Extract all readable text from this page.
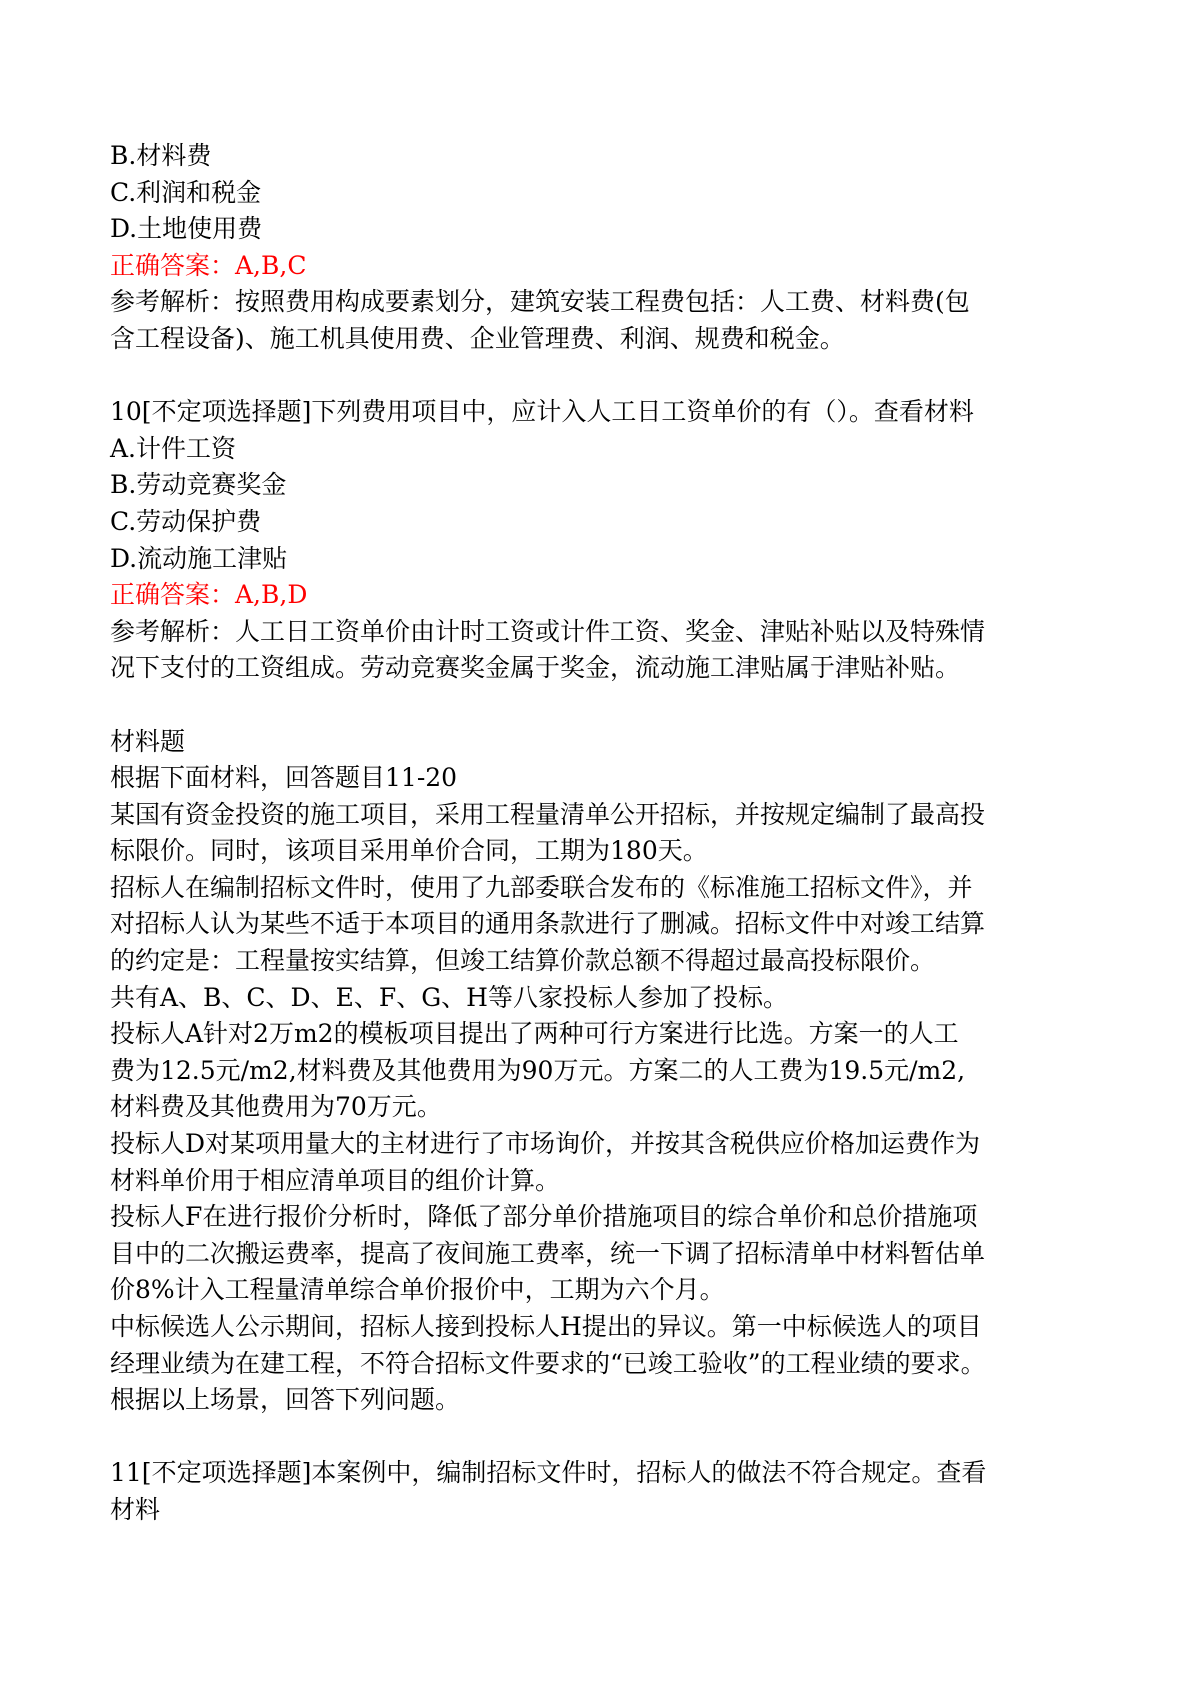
B.材料费
C.利润和税金
D.土地使用费
正确答案：A,B,C
参考解析：按照费用构成要素划分，建筑安装工程费包括：人工费、材料费(包
含工程设备)、施工机具使用费、企业管理费、利润、规费和税金。
10[不定项选择题]下列费用项目中，应计入人工日工资单价的有（）。查看材料
A.计件工资
B.劳动竞赛奖金
C.劳动保护费
D.流动施工津贴
正确答案：A,B,D
参考解析：人工日工资单价由计时工资或计件工资、奖金、津贴补贴以及特殊情
况下支付的工资组成。劳动竞赛奖金属于奖金，流动施工津贴属于津贴补贴。
材料题
根据下面材料，回答题目11-20
某国有资金投资的施工项目，采用工程量清单公开招标，并按规定编制了最高投
标限价。同时，该项目采用单价合同，工期为180天。
招标人在编制招标文件时，使用了九部委联合发布的《标准施工招标文件》，并
对招标人认为某些不适于本项目的通用条款进行了删减。招标文件中对竣工结算
的约定是：工程量按实结算，但竣工结算价款总额不得超过最高投标限价。
共有A、B、C、D、E、F、G、H等八家投标人参加了投标。
投标人A针对2万m2的模板项目提出了两种可行方案进行比选。方案一的人工
费为12.5元/m2,材料费及其他费用为90万元。方案二的人工费为19.5元/m2,
材料费及其他费用为70万元。
投标人D对某项用量大的主材进行了市场询价，并按其含税供应价格加运费作为
材料单价用于相应清单项目的组价计算。
投标人F在进行报价分析时，降低了部分单价措施项目的综合单价和总价措施项
目中的二次搬运费率，提高了夜间施工费率，统一下调了招标清单中材料暂估单
价8%计入工程量清单综合单价报价中，工期为六个月。
中标候选人公示期间，招标人接到投标人H提出的异议。第一中标候选人的项目
经理业绩为在建工程，不符合招标文件要求的“已竣工验收”的工程业绩的要求。
根据以上场景，回答下列问题。
11[不定项选择题]本案例中，编制招标文件时，招标人的做法不符合规定。查看
材料
